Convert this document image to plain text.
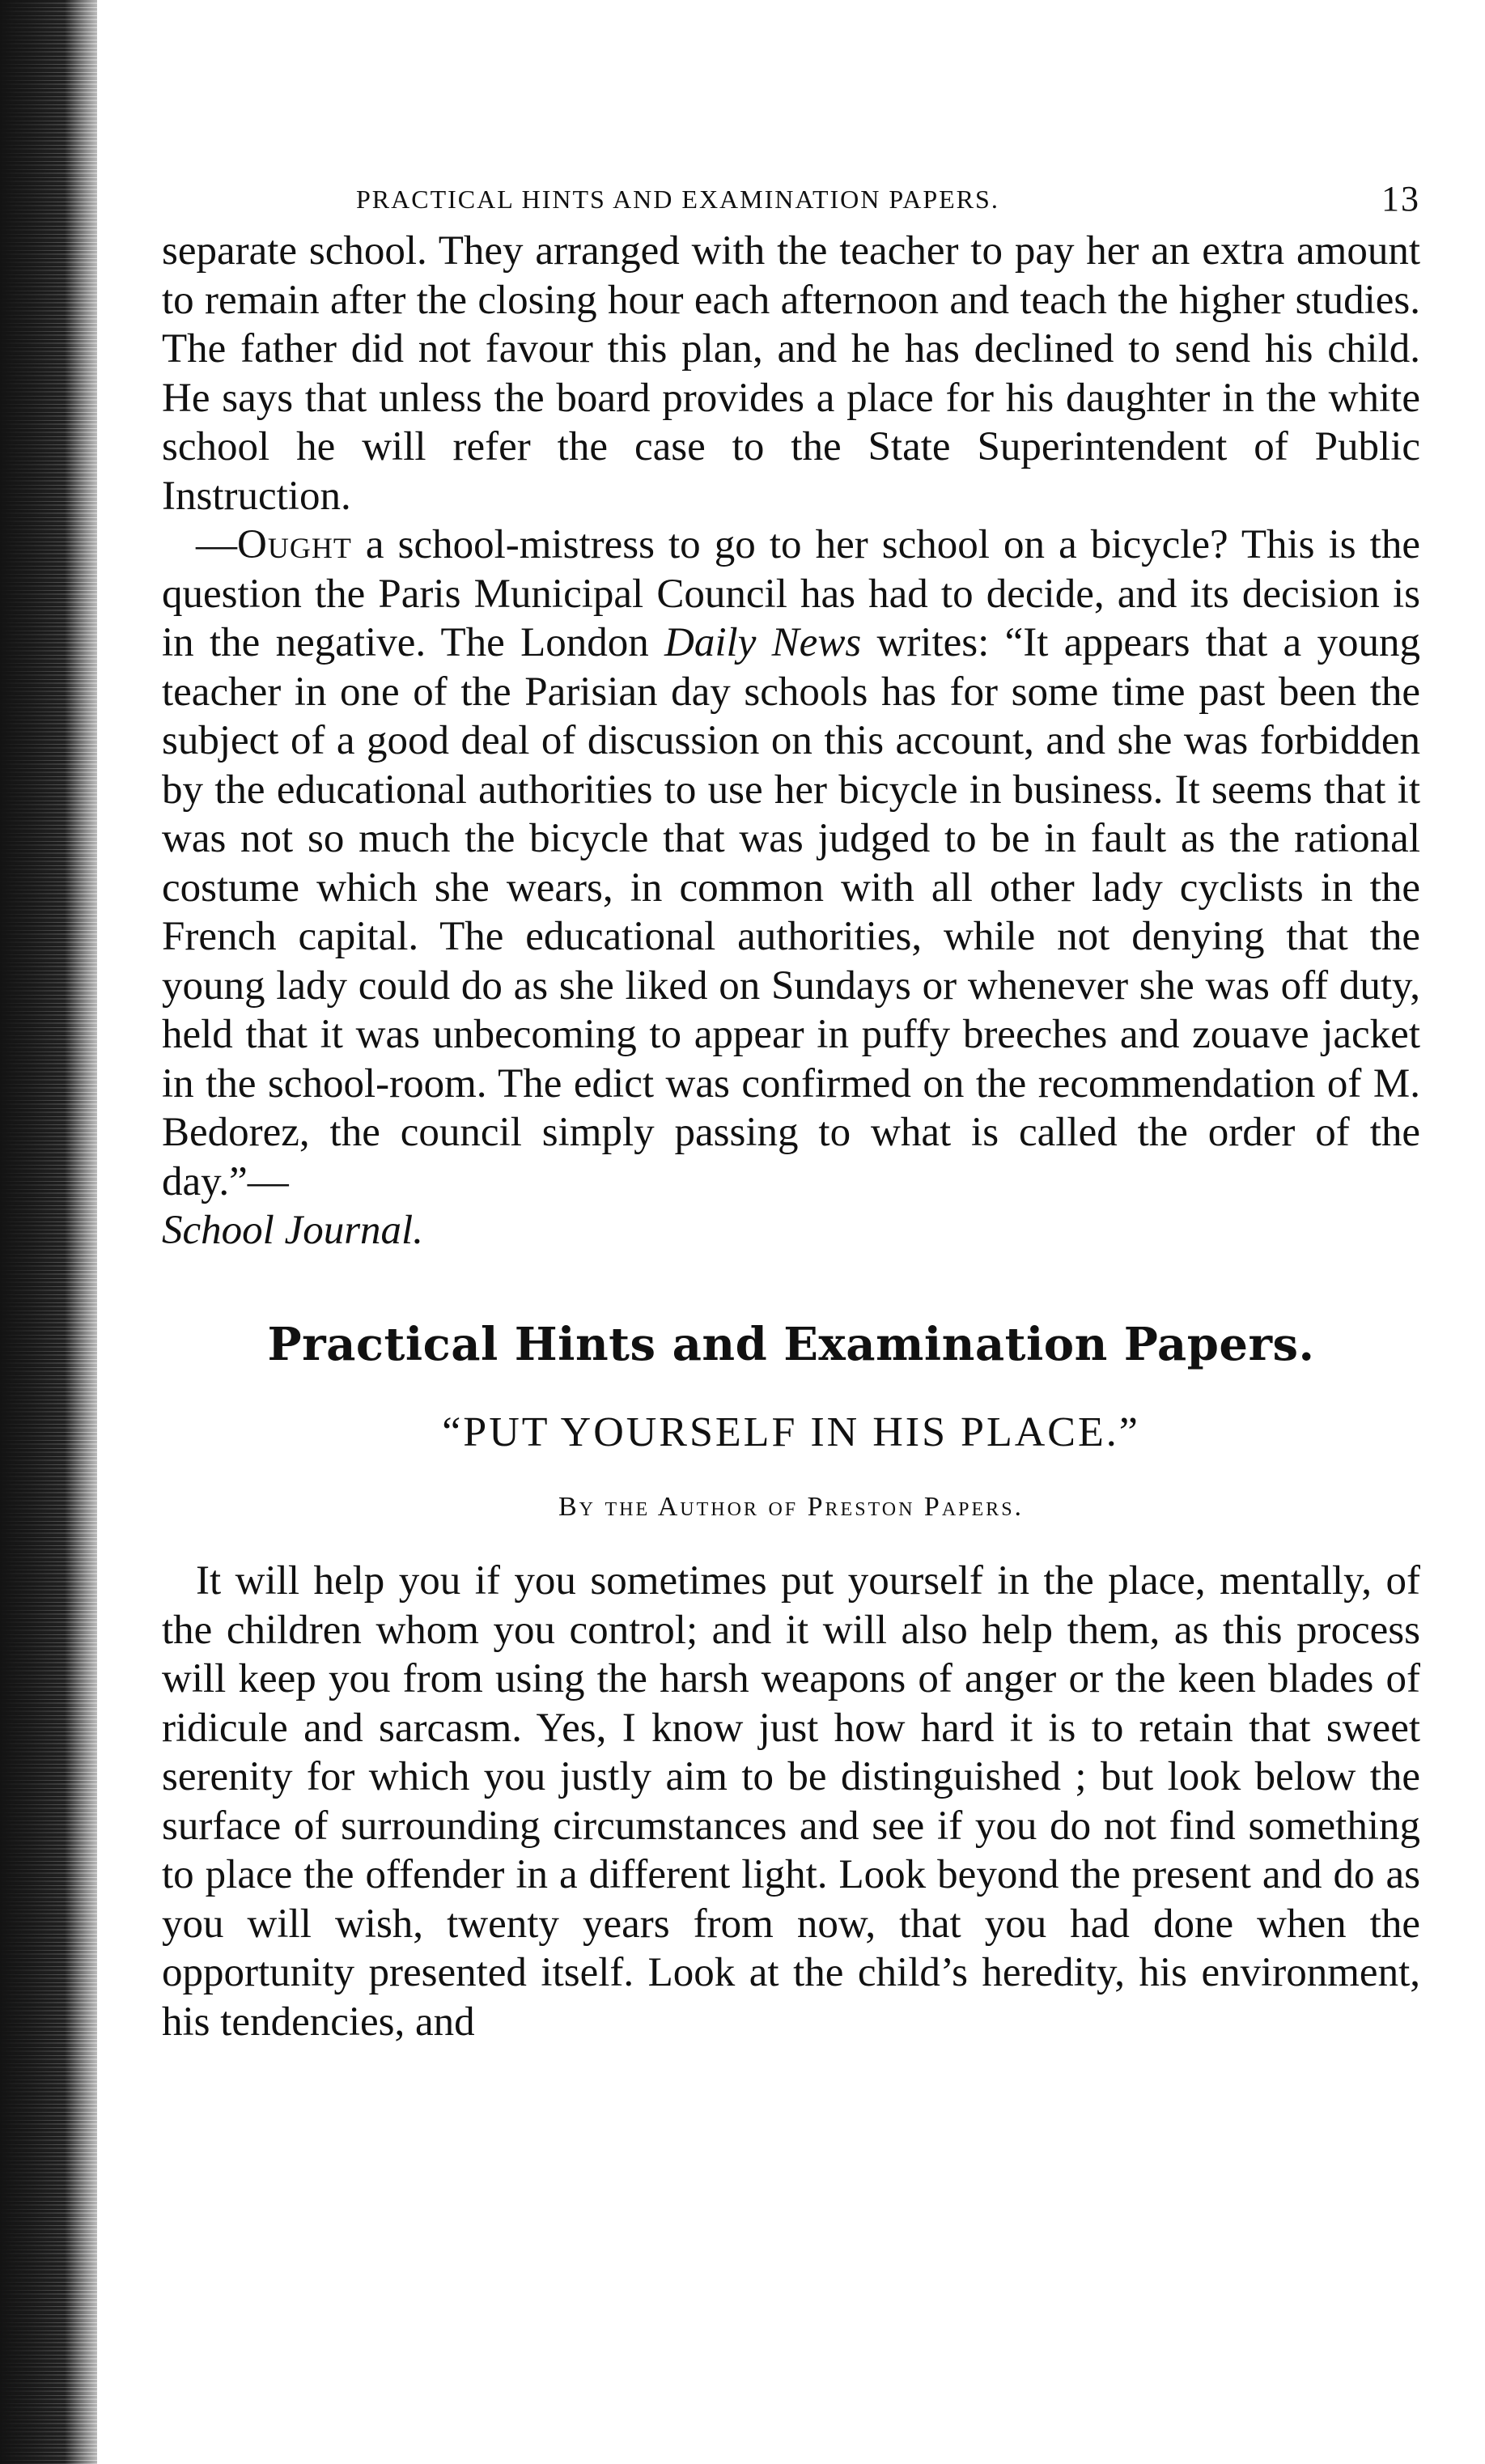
PRACTICAL HINTS AND EXAMINATION PAPERS.	13

separate school. They arranged with the teacher to pay her an extra amount to remain after the closing hour each afternoon and teach the higher studies. The father did not favour this plan, and he has declined to send his child. He says that unless the board provides a place for his daughter in the white school he will refer the case to the State Superintendent of Public Instruction.

—Ought a school-mistress to go to her school on a bicycle? This is the question the Paris Municipal Council has had to decide, and its decision is in the negative. The London Daily News writes: “It appears that a young teacher in one of the Parisian day schools has for some time past been the subject of a good deal of discussion on this account, and she was forbidden by the educational authorities to use her bicycle in business. It seems that it was not so much the bicycle that was judged to be in fault as the rational costume which she wears, in common with all other lady cyclists in the French capital. The educational authorities, while not denying that the young lady could do as she liked on Sundays or whenever she was off duty, held that it was unbecoming to appear in puffy breeches and zouave jacket in the school-room. The edict was confirmed on the recommendation of M. Bedorez, the council simply passing to what is called the order of the day.”—

School Journal.
Practical Hints and Examination Papers.
“PUT YOURSELF IN HIS PLACE.”
By the Author of Preston Papers.

It will help you if you sometimes put yourself in the place, mentally, of the children whom you control; and it will also help them, as this process will keep you from using the harsh weapons of anger or the keen blades of ridicule and sarcasm. Yes, I know just how hard it is to retain that sweet serenity for which you justly aim to be distinguished ; but look below the surface of surrounding circumstances and see if you do not find something to place the offender in a different light. Look beyond the present and do as you will wish, twenty years from now, that you had done when the opportunity presented itself. Look at the child’s heredity, his environment, his tendencies, and
